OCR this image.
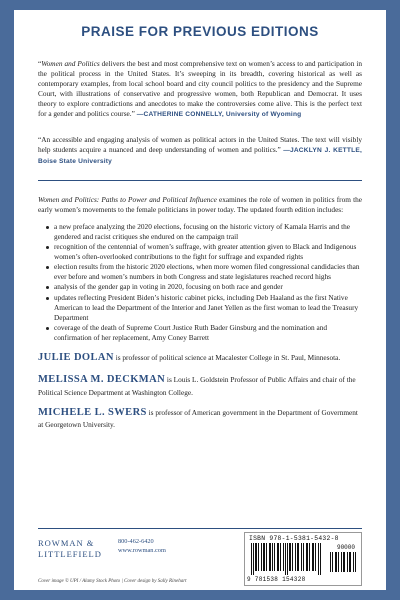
PRAISE FOR PREVIOUS EDITIONS

“Women and Politics delivers the best and most comprehensive text on women’s access to and participation in the political process in the United States. It’s sweeping in its breadth, covering historical as well as contemporary examples, from local school board and city council politics to the presidency and the Supreme Court, with illustrations of conservative and progressive women, both Republican and Democrat. It uses theory to explore contradictions and anecdotes to make the controversies come alive. This is the perfect text for a gender and politics course.” —CATHERINE CONNELLY, University of Wyoming

“An accessible and engaging analysis of women as political actors in the United States. The text will visibly help students acquire a nuanced and deep understanding of women and politics.” —JACKLYN J. KETTLE, Boise State University

Women and Politics: Paths to Power and Political Influence examines the role of women in politics from the early women’s movements to the female politicians in power today. The updated fourth edition includes:

a new preface analyzing the 2020 elections, focusing on the historic victory of Kamala Harris and the gendered and racist critiques she endured on the campaign trail
recognition of the centennial of women’s suffrage, with greater attention given to Black and Indigenous women’s often-overlooked contributions to the fight for suffrage and expanded rights
election results from the historic 2020 elections, when more women filed congressional candidacies than ever before and women’s numbers in both Congress and state legislatures reached record highs
analysis of the gender gap in voting in 2020, focusing on both race and gender
updates reflecting President Biden’s historic cabinet picks, including Deb Haaland as the first Native American to lead the Department of the Interior and Janet Yellen as the first woman to lead the Treasury Department
coverage of the death of Supreme Court Justice Ruth Bader Ginsburg and the nomination and confirmation of her replacement, Amy Coney Barrett

JULIE DOLAN is professor of political science at Macalester College in St. Paul, Minnesota.

MELISSA M. DECKMAN is Louis L. Goldstein Professor of Public Affairs and chair of the Political Science Department at Washington College.

MICHELE L. SWERS is professor of American government in the Department of Government at Georgetown University.

ROWMAN &
LITTLEFIELD
800-462-6420
www.rowman.com
ISBN 978-1-5381-5432-8
90000
9 781538 154328
Cover image © UPI / Alamy Stock Photo | Cover design by Sally Rinehart
